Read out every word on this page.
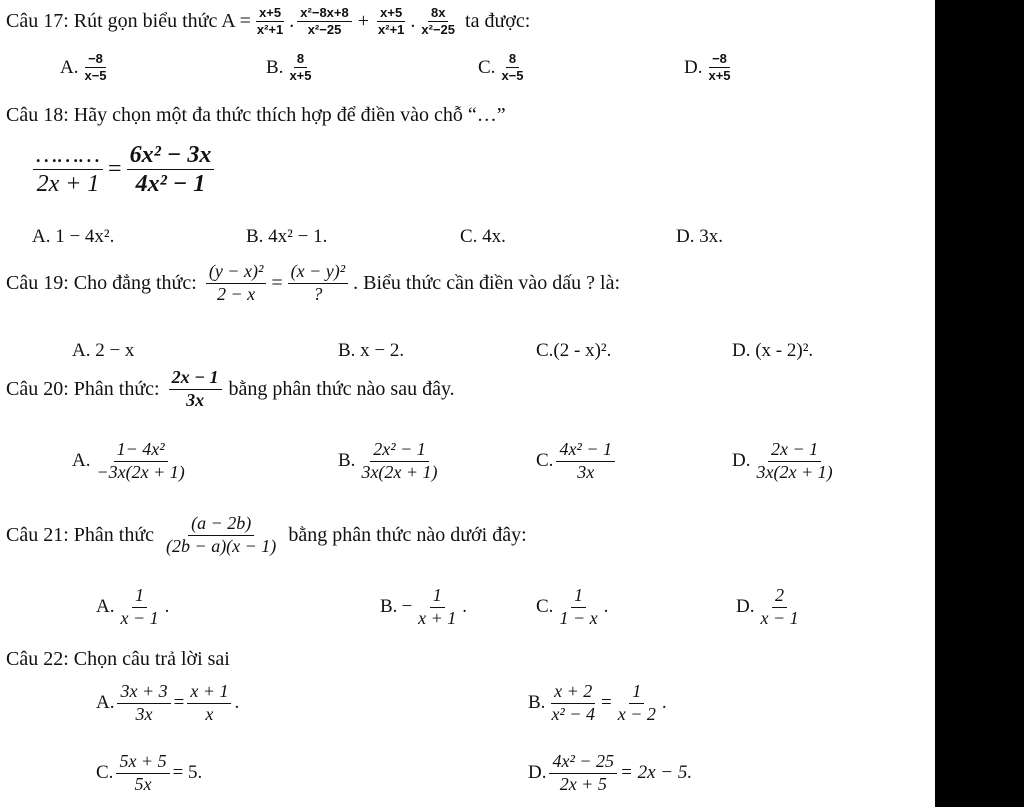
Câu 17: Rút gọn biểu thức $A = \frac{x+5}{\text{x²+1}}$ . $\frac{\text{x²−8x+8}}{\text{x²−25}} + \frac{x+5}{\text{x²+1}}$ . $\frac{8x}{\text{x²−25}}$ ta được:
A. $\frac{-8}{x-5}$	B. $\frac{8}{x+5}$	C. $\frac{8}{x-5}$	D. $\frac{-8}{x+5}$
Câu 18: Hãy chọn một đa thức thích hợp để điền vào chỗ “…”
$\frac{\dots\dots\dots}{2x + 1} = \frac{\text{6x² − 3x}}{\text{4x² − 1}}$
A. 1 − 4x².	B. 4x² − 1.	C. 4x.	D. 3x.
Câu 19: Cho đẳng thức: $\frac{\text{(y − x)²}}{2 - x} = \frac{\text{(x − y)²}}{?}$ . Biểu thức cần điền vào dấu ? là:
A. 2 − x	B. x − 2.	C.(2 - x)².	D. (x - 2)².
Câu 20: Phân thức: $\frac{2x - 1}{3x}$ bằng phân thức nào sau đây.
A. $\frac{\text{1− 4x²}}{-3x(2x + 1)}$	B. $\frac{\text{2x² − 1}}{3x(2x + 1)}$	C. $\frac{\text{4x² − 1}}{3x}$	D. $\frac{2x - 1}{3x(2x + 1)}$
Câu 21: Phân thức $\frac{(a - 2b)}{(2b - a)(x - 1)}$ bằng phân thức nào dưới đây:
A. $\frac{1}{x - 1}$ .	B. − $\frac{1}{x + 1}$ .	C. $\frac{1}{1 - x}$ .	D. $\frac{2}{x - 1}$
Câu 22: Chọn câu trả lời sai
A. $\frac{3x + 3}{3x} = \frac{x + 1}{x}$ .	B. $\frac{x + 2}{\text{x² − 4}} = \frac{1}{x - 2}$ .
C. $\frac{5x + 5}{5x} = 5$.	D. $\frac{\text{4x² − 25}}{2x + 5} = 2x - 5$.
